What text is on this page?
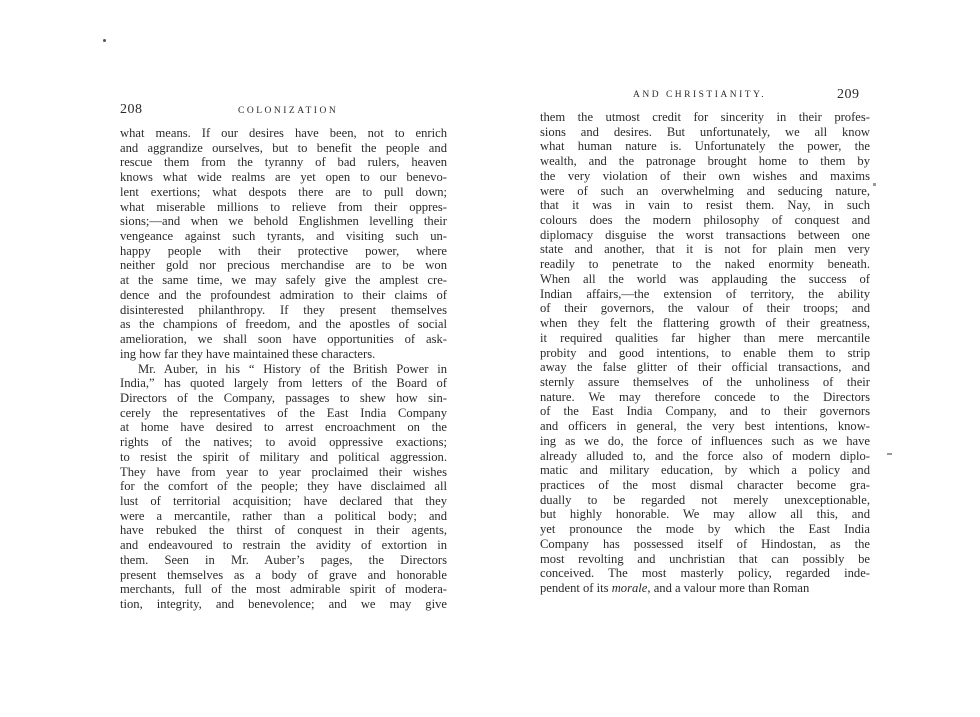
208	COLONIZATION
what means. If our desires have been, not to enrich
and aggrandize ourselves, but to benefit the people and
rescue them from the tyranny of bad rulers, heaven
knows what wide realms are yet open to our benevo-
lent exertions; what despots there are to pull down;
what miserable millions to relieve from their oppres-
sions;—and when we behold Englishmen levelling their
vengeance against such tyrants, and visiting such un-
happy people with their protective power, where
neither gold nor precious merchandise are to be won
at the same time, we may safely give the amplest cre-
dence and the profoundest admiration to their claims of
disinterested philanthropy. If they present themselves
as the champions of freedom, and the apostles of social
amelioration, we shall soon have opportunities of ask-
ing how far they have maintained these characters.
Mr. Auber, in his “ History of the British Power in
India,” has quoted largely from letters of the Board of
Directors of the Company, passages to shew how sin-
cerely the representatives of the East India Company
at home have desired to arrest encroachment on the
rights of the natives; to avoid oppressive exactions;
to resist the spirit of military and political aggression.
They have from year to year proclaimed their wishes
for the comfort of the people; they have disclaimed all
lust of territorial acquisition; have declared that they
were a mercantile, rather than a political body; and
have rebuked the thirst of conquest in their agents,
and endeavoured to restrain the avidity of extortion in
them. Seen in Mr. Auber’s pages, the Directors
present themselves as a body of grave and honorable
merchants, full of the most admirable spirit of modera-
tion, integrity, and benevolence; and we may give
AND CHRISTIANITY.	209
pendent of its morale, and a valour more than Roman
them the utmost credit for sincerity in their profes-
sions and desires. But unfortunately, we all know
what human nature is. Unfortunately the power, the
wealth, and the patronage brought home to them by
the very violation of their own wishes and maxims
were of such an overwhelming and seducing nature,
that it was in vain to resist them. Nay, in such
colours does the modern philosophy of conquest and
diplomacy disguise the worst transactions between one
state and another, that it is not for plain men very
readily to penetrate to the naked enormity beneath.
When all the world was applauding the success of
Indian affairs,—the extension of territory, the ability
of their governors, the valour of their troops; and
when they felt the flattering growth of their greatness,
it required qualities far higher than mere mercantile
probity and good intentions, to enable them to strip
away the false glitter of their official transactions, and
sternly assure themselves of the unholiness of their
nature. We may therefore concede to the Directors
of the East India Company, and to their governors
and officers in general, the very best intentions, know-
ing as we do, the force of influences such as we have
already alluded to, and the force also of modern diplo-
matic and military education, by which a policy and
practices of the most dismal character become gra-
dually to be regarded not merely unexceptionable,
but highly honorable. We may allow all this, and
yet pronounce the mode by which the East India
Company has possessed itself of Hindostan, as the
most revolting and unchristian that can possibly be
conceived. The most masterly policy, regarded inde-
